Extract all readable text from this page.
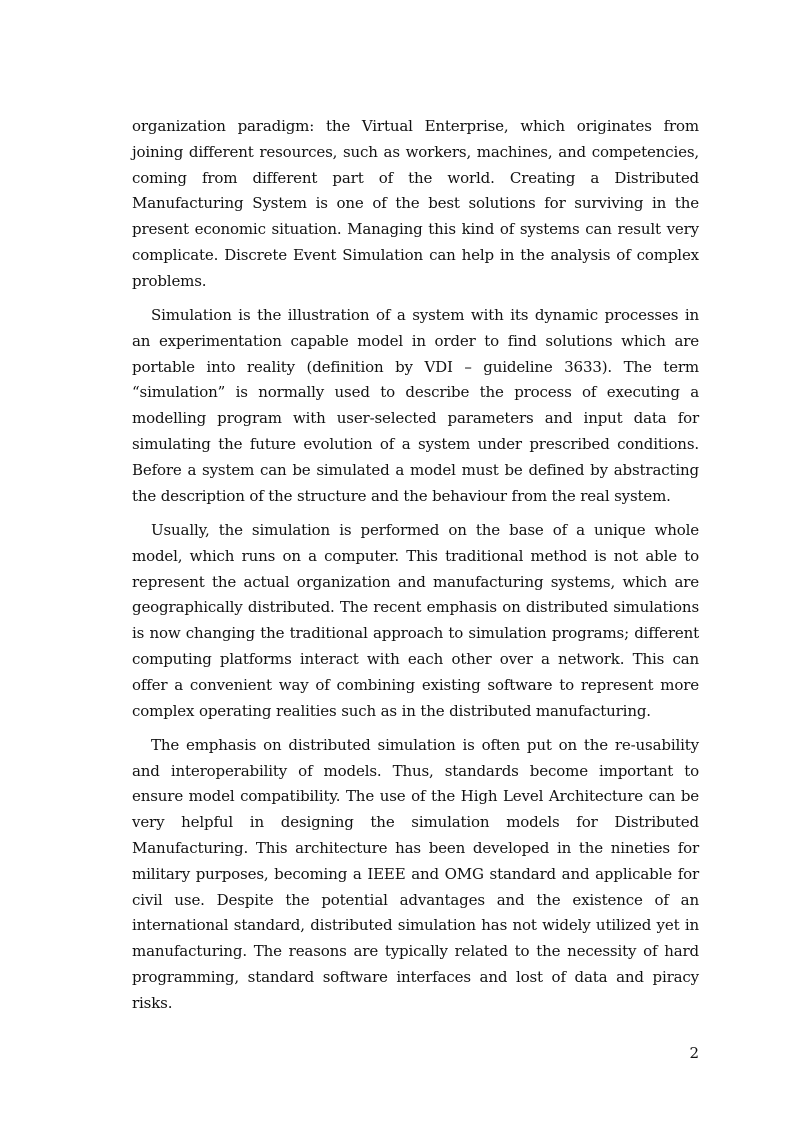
organization paradigm: the Virtual Enterprise, which originates from joining different resources, such as workers, machines, and competencies, coming from different part of the world. Creating a Distributed Manufacturing System is one of the best solutions for surviving in the present economic situation. Managing this kind of systems can result very complicate. Discrete Event Simulation can help in the analysis of complex problems.

Simulation is the illustration of a system with its dynamic processes in an experimentation capable model in order to find solutions which are portable into reality (definition by VDI – guideline 3633). The term “simulation” is normally used to describe the process of executing a modelling program with user-selected parameters and input data for simulating the future evolution of a system under prescribed conditions. Before a system can be simulated a model must be defined by abstracting the description of the structure and the behaviour from the real system.

Usually, the simulation is performed on the base of a unique whole model, which runs on a computer. This traditional method is not able to represent the actual organization and manufacturing systems, which are geographically distributed. The recent emphasis on distributed simulations is now changing the traditional approach to simulation programs; different computing platforms interact with each other over a network. This can offer a convenient way of combining existing software to represent more complex operating realities such as in the distributed manufacturing.

The emphasis on distributed simulation is often put on the re-usability and interoperability of models. Thus, standards become important to ensure model compatibility. The use of the High Level Architecture can be very helpful in designing the simulation models for Distributed Manufacturing. This architecture has been developed in the nineties for military purposes, becoming a IEEE and OMG standard and applicable for civil use. Despite the potential advantages and the existence of an international standard, distributed simulation has not widely utilized yet in manufacturing. The reasons are typically related to the necessity of hard programming, standard software interfaces and lost of data and piracy risks.

2
